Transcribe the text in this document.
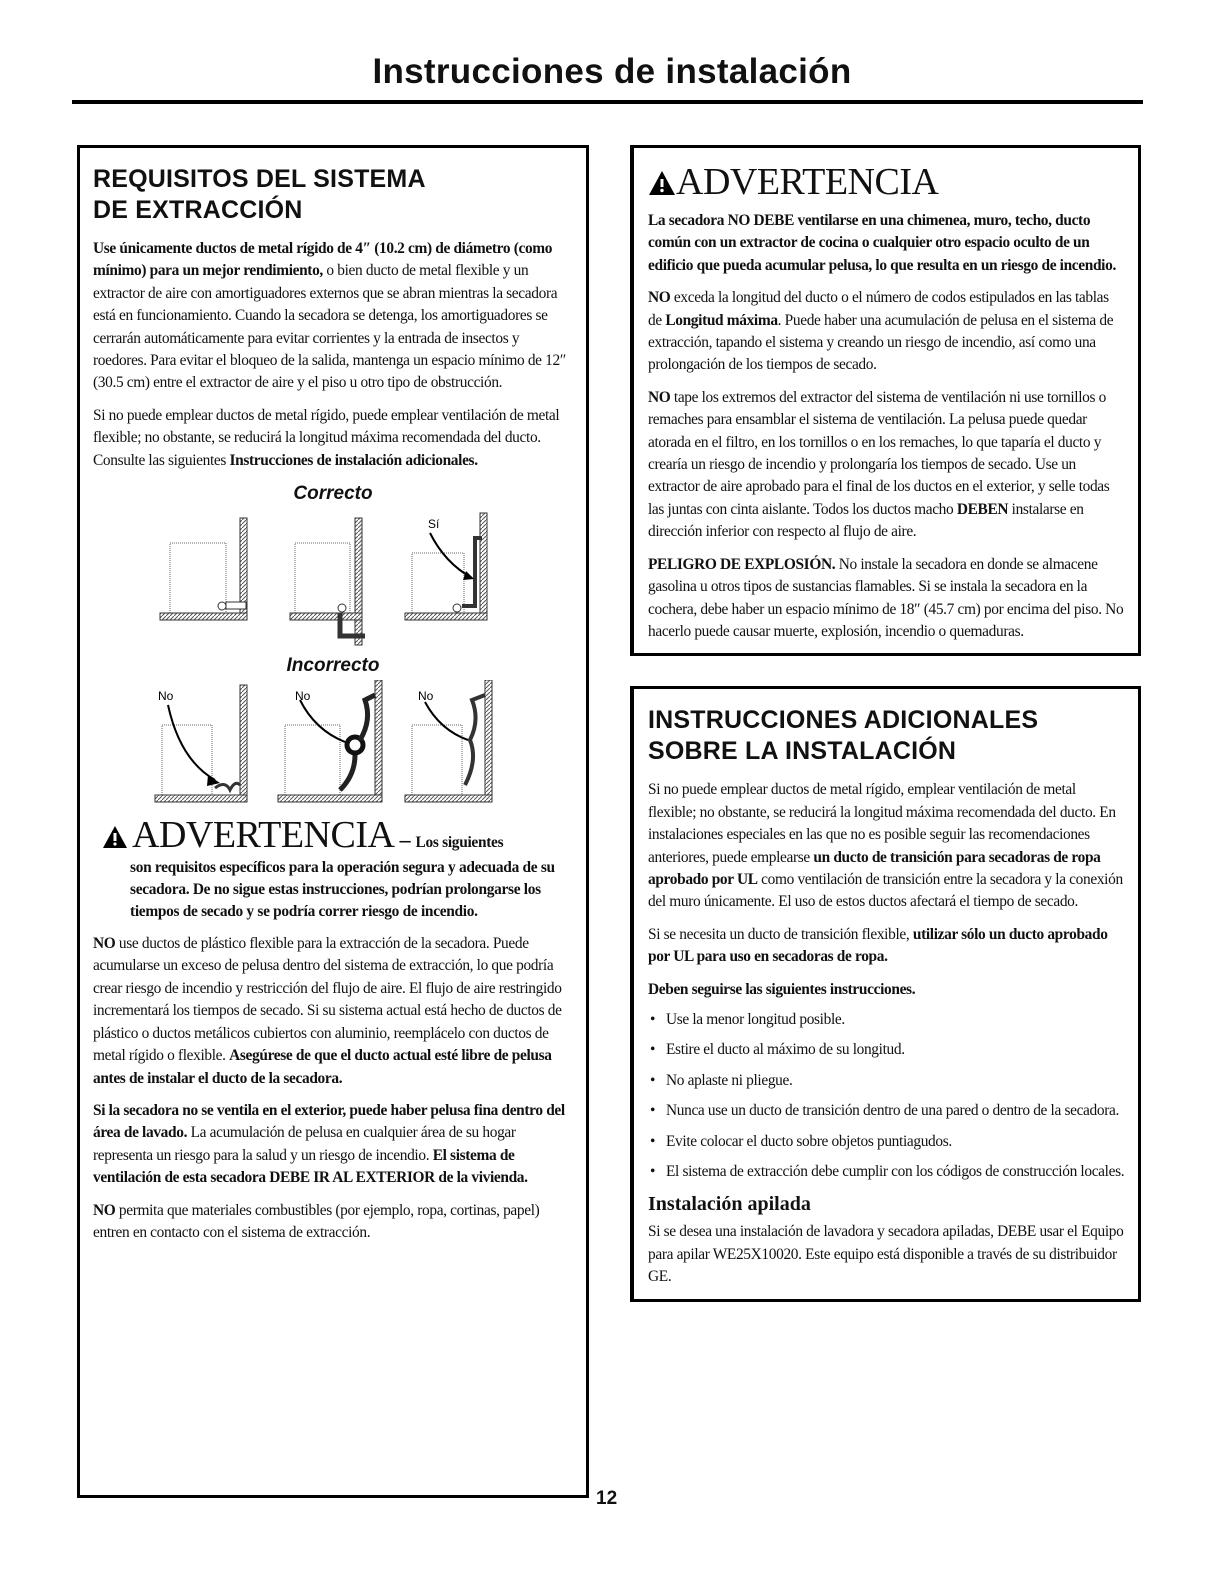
Instrucciones de instalación
REQUISITOS DEL SISTEMA
DE EXTRACCIÓN

Use únicamente ductos de metal rígido de 4″ (10.2 cm) de diámetro (como mínimo) para un mejor rendimiento, o bien ducto de metal flexible y un extractor de aire con amortiguadores externos que se abran mientras la secadora está en funcionamiento. Cuando la secadora se detenga, los amortiguadores se cerrarán automáticamente para evitar corrientes y la entrada de insectos y roedores. Para evitar el bloqueo de la salida, mantenga un espacio mínimo de 12″ (30.5 cm) entre el extractor de aire y el piso u otro tipo de obstrucción.

Si no puede emplear ductos de metal rígido, puede emplear ventilación de metal flexible; no obstante, se reducirá la longitud máxima recomendada del ducto. Consulte las siguientes Instrucciones de instalación adicionales.

Correcto
Sí
Incorrecto
No	No	No
ADVERTENCIA – Los siguientes
son requisitos específicos para la operación segura y adecuada de su secadora. De no sigue estas instrucciones, podrían prolongarse los tiempos de secado y se podría correr riesgo de incendio.

NO use ductos de plástico flexible para la extracción de la secadora. Puede acumularse un exceso de pelusa dentro del sistema de extracción, lo que podría crear riesgo de incendio y restricción del flujo de aire. El flujo de aire restringido incrementará los tiempos de secado. Si su sistema actual está hecho de ductos de plástico o ductos metálicos cubiertos con aluminio, reemplácelo con ductos de metal rígido o flexible. Asegúrese de que el ducto actual esté libre de pelusa antes de instalar el ducto de la secadora.

Si la secadora no se ventila en el exterior, puede haber pelusa fina dentro del área de lavado. La acumulación de pelusa en cualquier área de su hogar representa un riesgo para la salud y un riesgo de incendio. El sistema de ventilación de esta secadora DEBE IR AL EXTERIOR de la vivienda.

NO permita que materiales combustibles (por ejemplo, ropa, cortinas, papel) entren en contacto con el sistema de extracción.

ADVERTENCIA

La secadora NO DEBE ventilarse en una chimenea, muro, techo, ducto común con un extractor de cocina o cualquier otro espacio oculto de un edificio que pueda acumular pelusa, lo que resulta en un riesgo de incendio.

NO exceda la longitud del ducto o el número de codos estipulados en las tablas de Longitud máxima. Puede haber una acumulación de pelusa en el sistema de extracción, tapando el sistema y creando un riesgo de incendio, así como una prolongación de los tiempos de secado.

NO tape los extremos del extractor del sistema de ventilación ni use tornillos o remaches para ensamblar el sistema de ventilación. La pelusa puede quedar atorada en el filtro, en los tornillos o en los remaches, lo que taparía el ducto y crearía un riesgo de incendio y prolongaría los tiempos de secado. Use un extractor de aire aprobado para el final de los ductos en el exterior, y selle todas las juntas con cinta aislante. Todos los ductos macho DEBEN instalarse en dirección inferior con respecto al flujo de aire.

PELIGRO DE EXPLOSIÓN. No instale la secadora en donde se almacene gasolina u otros tipos de sustancias flamables. Si se instala la secadora en la cochera, debe haber un espacio mínimo de 18″ (45.7 cm) por encima del piso. No hacerlo puede causar muerte, explosión, incendio o quemaduras.

INSTRUCCIONES ADICIONALES
SOBRE LA INSTALACIÓN

Si no puede emplear ductos de metal rígido, emplear ventilación de metal flexible; no obstante, se reducirá la longitud máxima recomendada del ducto. En instalaciones especiales en las que no es posible seguir las recomendaciones anteriores, puede emplearse un ducto de transición para secadoras de ropa aprobado por UL como ventilación de transición entre la secadora y la conexión del muro únicamente. El uso de estos ductos afectará el tiempo de secado.

Si se necesita un ducto de transición flexible, utilizar sólo un ducto aprobado por UL para uso en secadoras de ropa.

Deben seguirse las siguientes instrucciones.

• Use la menor longitud posible.
• Estire el ducto al máximo de su longitud.
• No aplaste ni pliegue.
• Nunca use un ducto de transición dentro de una pared o dentro de la secadora.
• Evite colocar el ducto sobre objetos puntiagudos.
• El sistema de extracción debe cumplir con los códigos de construcción locales.
Instalación apilada

Si se desea una instalación de lavadora y secadora apiladas, DEBE usar el Equipo para apilar WE25X10020. Este equipo está disponible a través de su distribuidor GE.

12
